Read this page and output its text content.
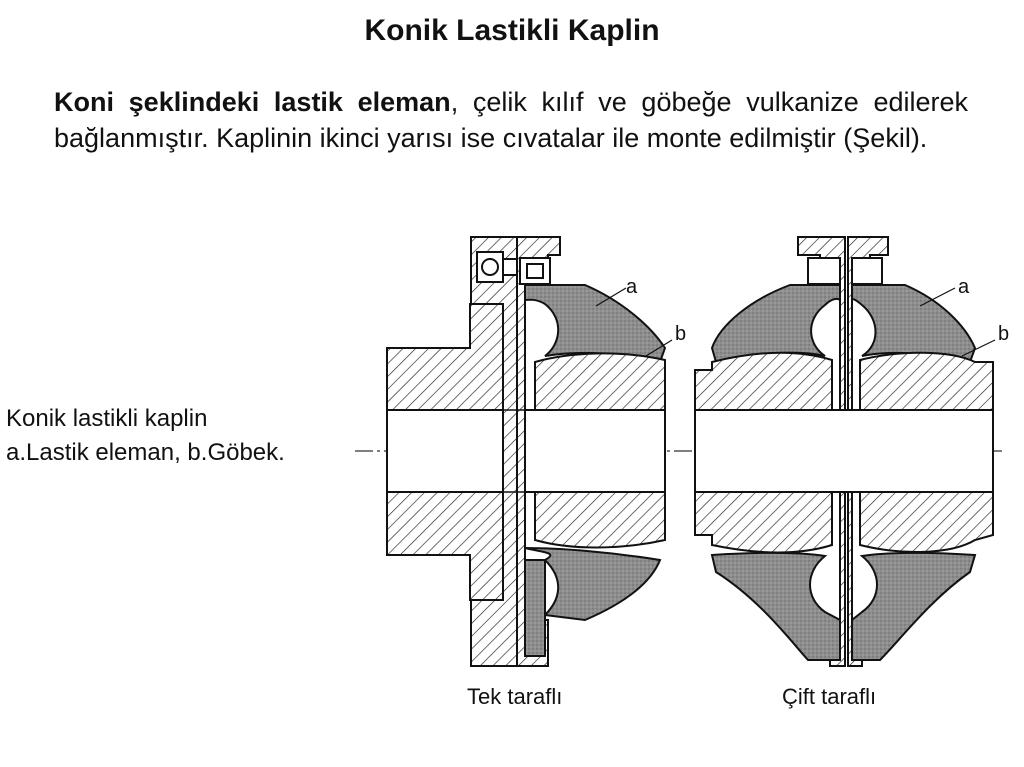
Konik Lastikli Kaplin

Koni şeklindeki lastik eleman, çelik kılıf ve göbeğe vulkanize edilerek bağlanmıştır. Kaplinin ikinci yarısı ise cıvatalar ile monte edilmiştir (Şekil).

Konik lastikli kaplin
a.Lastik eleman, b.Göbek.
a
b
a
b
Tek taraflı	Çift taraflı
